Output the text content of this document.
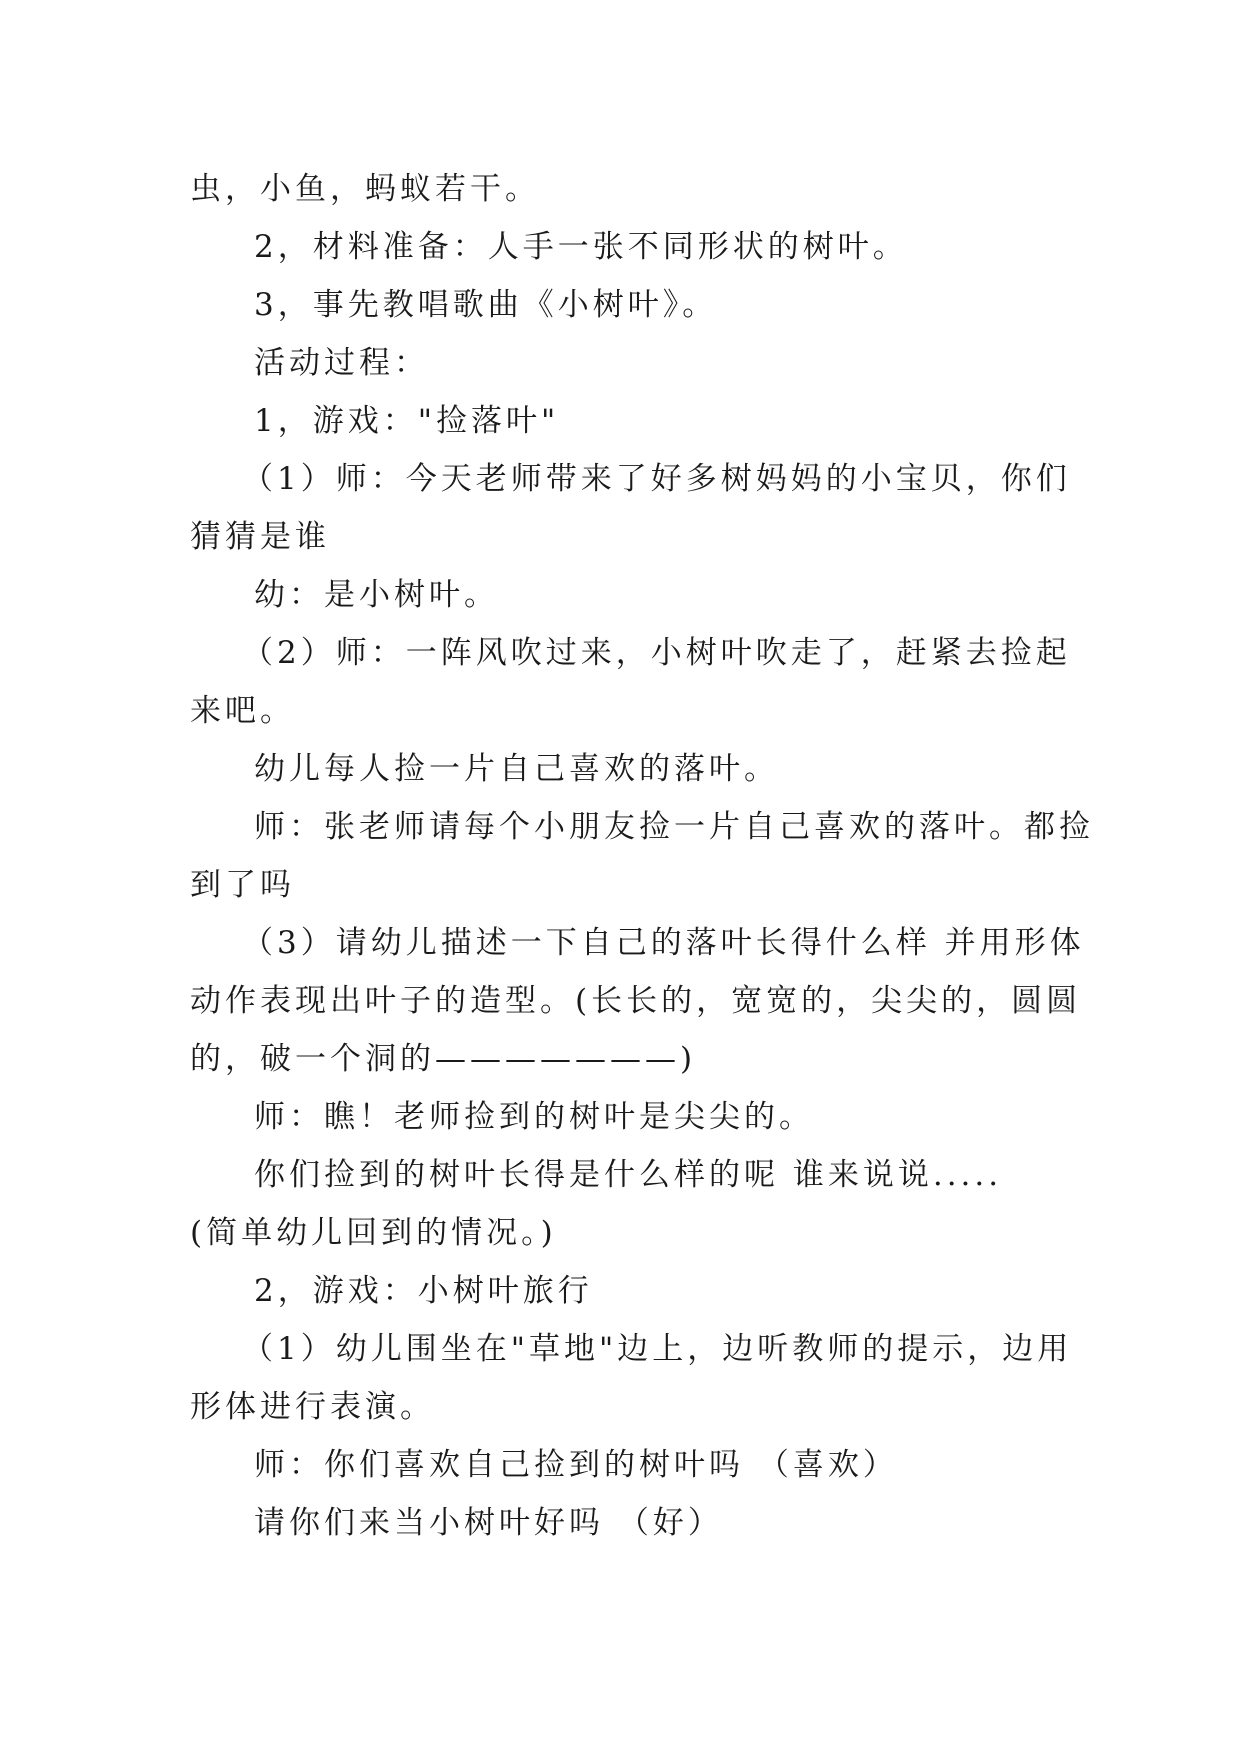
虫，小鱼，蚂蚁若干。
2，材料准备：人手一张不同形状的树叶。
3，事先教唱歌曲《小树叶》。
活动过程：
1，游戏："捡落叶"
（1）师：今天老师带来了好多树妈妈的小宝贝，你们
猜猜是谁
幼：是小树叶。
（2）师：一阵风吹过来，小树叶吹走了，赶紧去捡起
来吧。
幼儿每人捡一片自己喜欢的落叶。
师：张老师请每个小朋友捡一片自己喜欢的落叶。都捡
到了吗
（3）请幼儿描述一下自己的落叶长得什么样 并用形体
动作表现出叶子的造型。(长长的，宽宽的，尖尖的，圆圆
的，破一个洞的———————)
师：瞧！老师捡到的树叶是尖尖的。
你们捡到的树叶长得是什么样的呢 谁来说说.....
(简单幼儿回到的情况。)
2，游戏：小树叶旅行
（1）幼儿围坐在"草地"边上，边听教师的提示，边用
形体进行表演。
师：你们喜欢自己捡到的树叶吗 （喜欢）
请你们来当小树叶好吗 （好）
